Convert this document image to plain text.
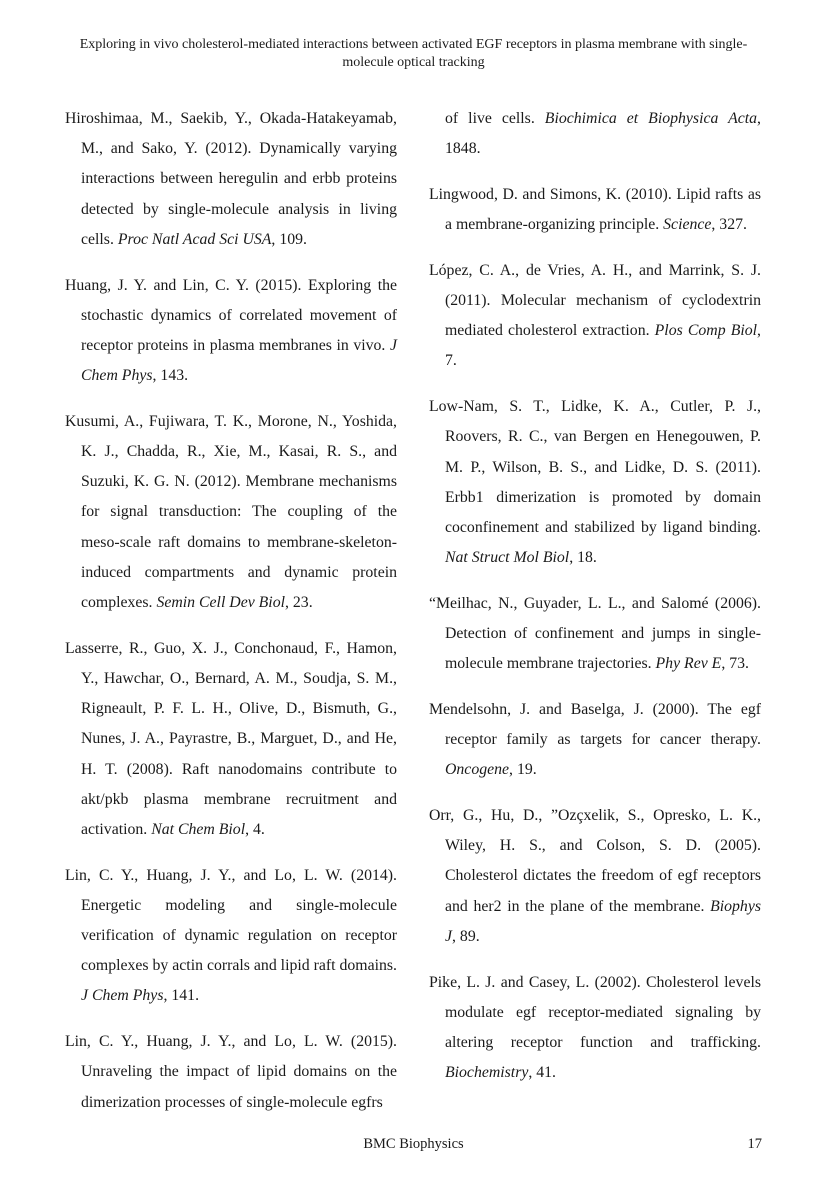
Exploring in vivo cholesterol-mediated interactions between activated EGF receptors in plasma membrane with single-molecule optical tracking

Hiroshimaa, M., Saekib, Y., Okada-Hatakeyamab, M., and Sako, Y. (2012). Dynamically varying interactions between heregulin and erbb proteins detected by single-molecule analysis in living cells. Proc Natl Acad Sci USA, 109.

Huang, J. Y. and Lin, C. Y. (2015). Exploring the stochastic dynamics of correlated movement of receptor proteins in plasma membranes in vivo. J Chem Phys, 143.

Kusumi, A., Fujiwara, T. K., Morone, N., Yoshida, K. J., Chadda, R., Xie, M., Kasai, R. S., and Suzuki, K. G. N. (2012). Membrane mechanisms for signal transduction: The coupling of the meso-scale raft domains to membrane-skeleton-induced compartments and dynamic protein complexes. Semin Cell Dev Biol, 23.

Lasserre, R., Guo, X. J., Conchonaud, F., Hamon, Y., Hawchar, O., Bernard, A. M., Soudja, S. M., Rigneault, P. F. L. H., Olive, D., Bismuth, G., Nunes, J. A., Payrastre, B., Marguet, D., and He, H. T. (2008). Raft nanodomains contribute to akt/pkb plasma membrane recruitment and activation. Nat Chem Biol, 4.

Lin, C. Y., Huang, J. Y., and Lo, L. W. (2014). Energetic modeling and single-molecule verification of dynamic regulation on receptor complexes by actin corrals and lipid raft domains. J Chem Phys, 141.

Lin, C. Y., Huang, J. Y., and Lo, L. W. (2015). Unraveling the impact of lipid domains on the dimerization processes of single-molecule egfrs

of live cells. Biochimica et Biophysica Acta, 1848.

Lingwood, D. and Simons, K. (2010). Lipid rafts as a membrane-organizing principle. Science, 327.

López, C. A., de Vries, A. H., and Marrink, S. J. (2011). Molecular mechanism of cyclodextrin mediated cholesterol extraction. Plos Comp Biol, 7.

Low-Nam, S. T., Lidke, K. A., Cutler, P. J., Roovers, R. C., van Bergen en Henegouwen, P. M. P., Wilson, B. S., and Lidke, D. S. (2011). Erbb1 dimerization is promoted by domain coconfinement and stabilized by ligand binding. Nat Struct Mol Biol, 18.

“Meilhac, N., Guyader, L. L., and Salomé (2006). Detection of confinement and jumps in single-molecule membrane trajectories. Phy Rev E, 73.

Mendelsohn, J. and Baselga, J. (2000). The egf receptor family as targets for cancer therapy. Oncogene, 19.

Orr, G., Hu, D., ”Ozçxelik, S., Opresko, L. K., Wiley, H. S., and Colson, S. D. (2005). Cholesterol dictates the freedom of egf receptors and her2 in the plane of the membrane. Biophys J, 89.

Pike, L. J. and Casey, L. (2002). Cholesterol levels modulate egf receptor-mediated signaling by altering receptor function and trafficking. Biochemistry, 41.

BMC Biophysics	17
